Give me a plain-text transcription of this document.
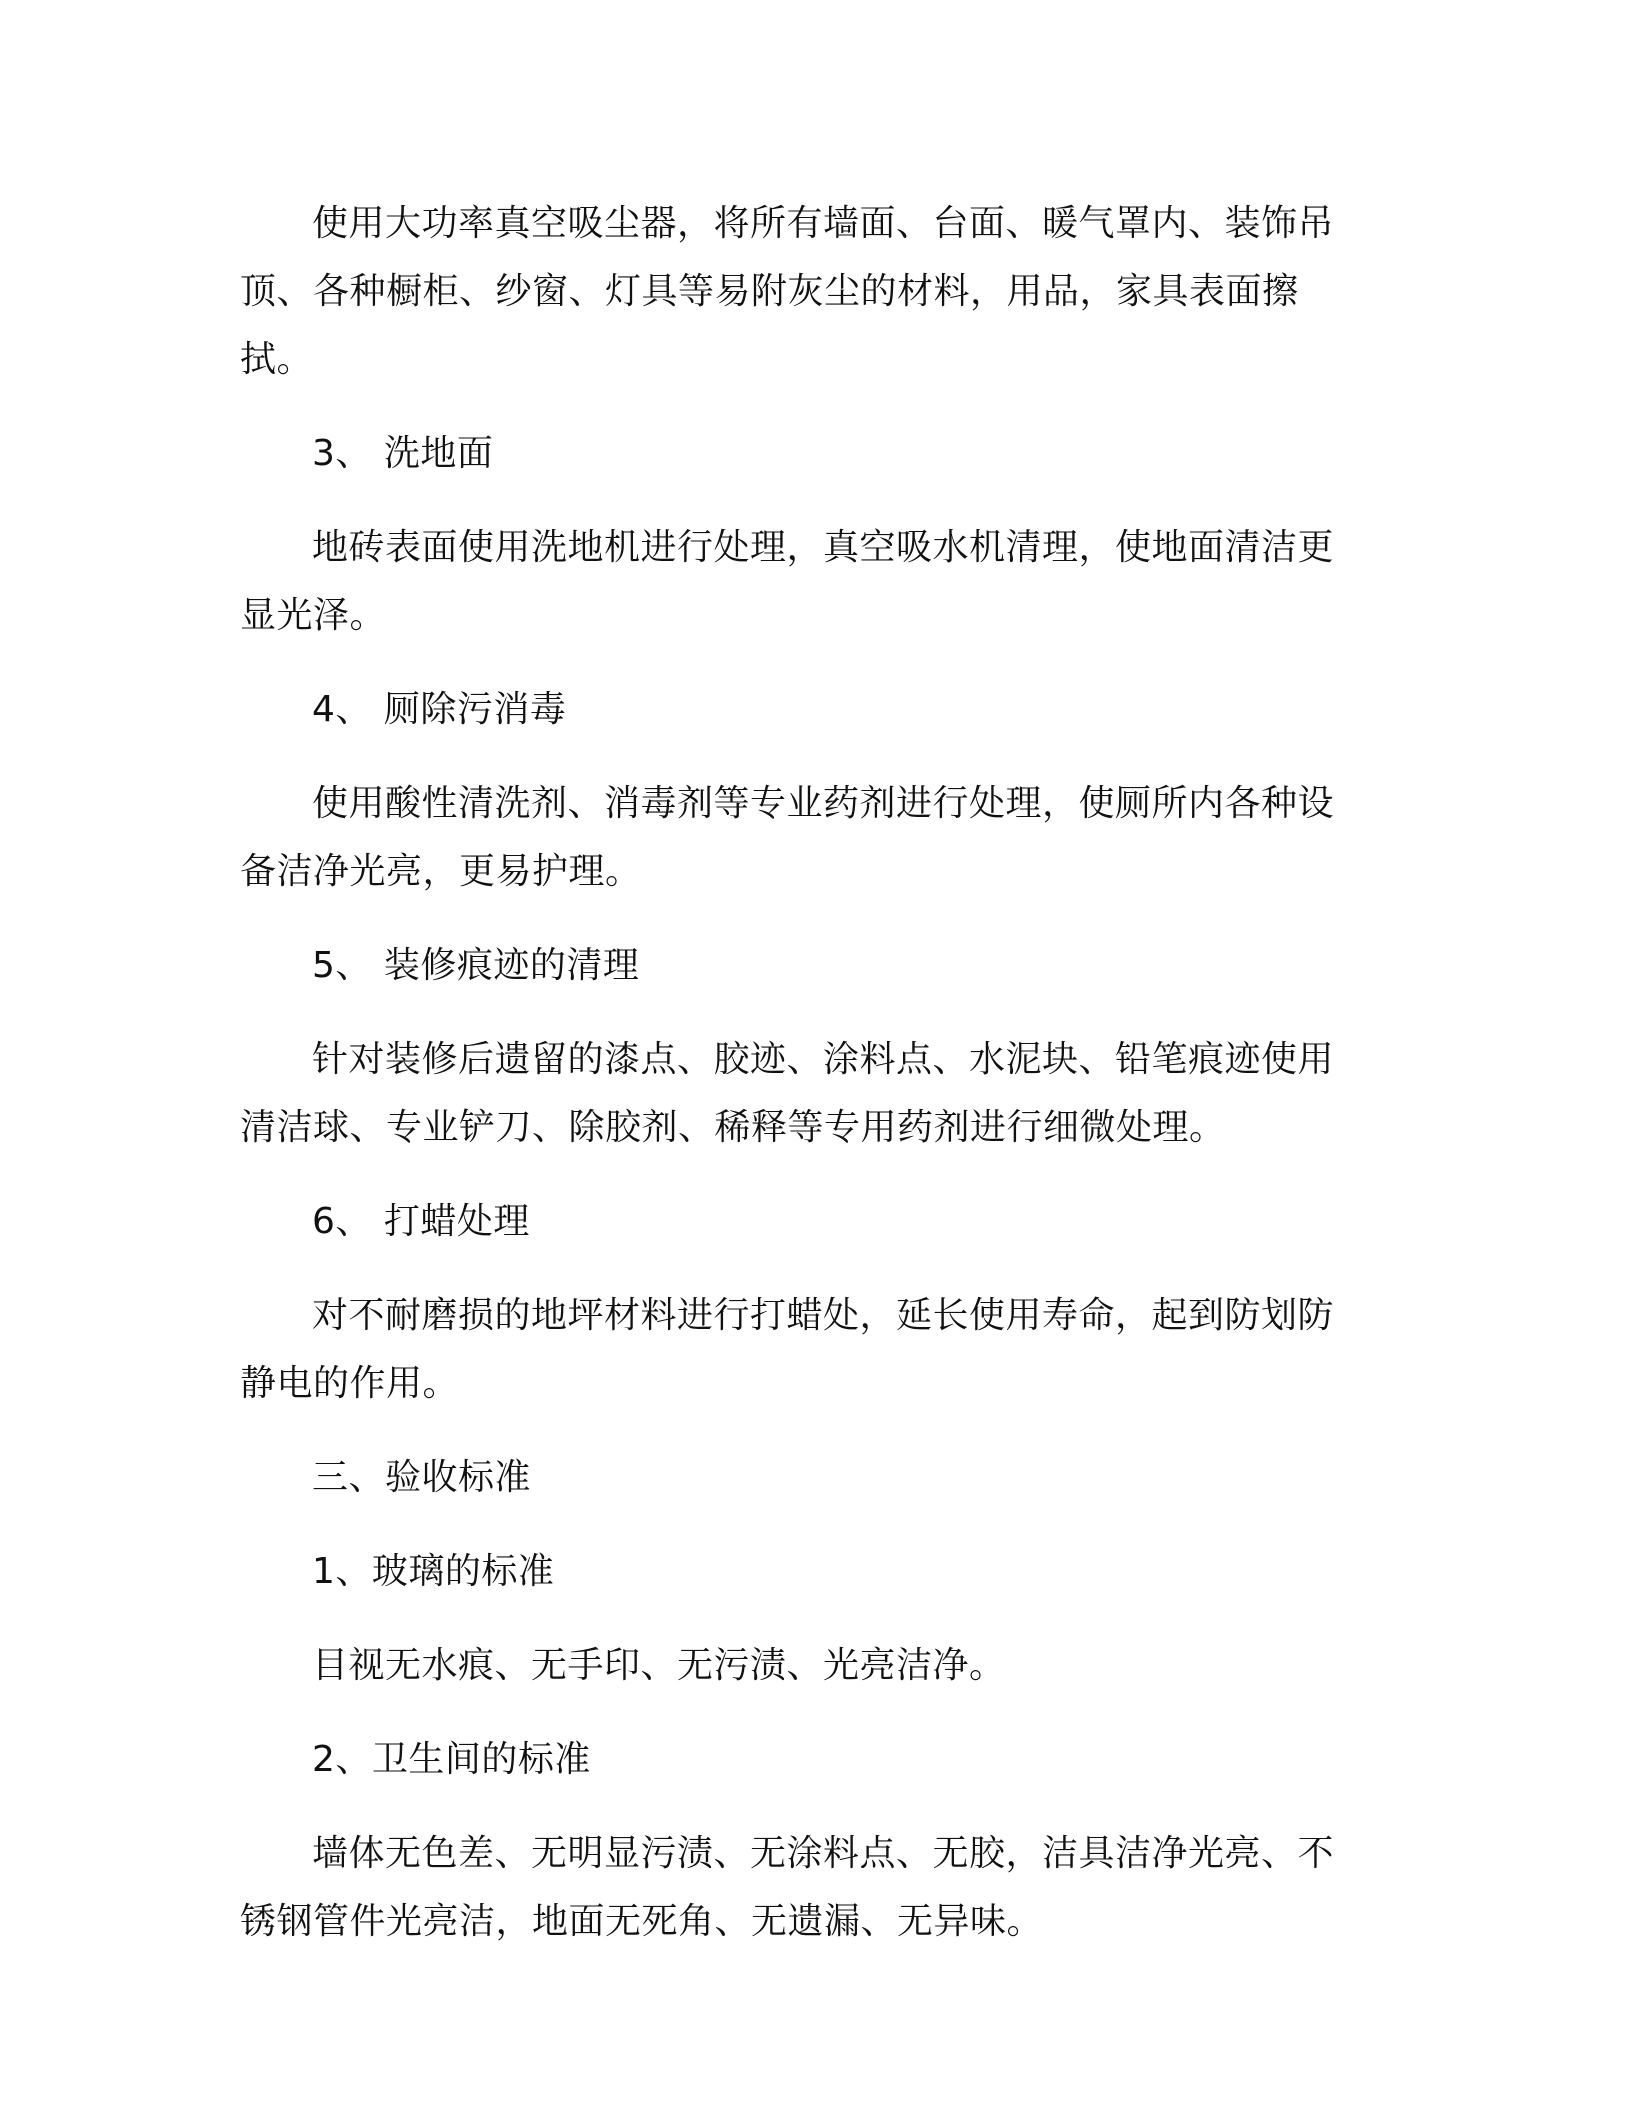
使用大功率真空吸尘器，将所有墙面、台面、暖气罩内、装饰吊顶、各种橱柜、纱窗、灯具等易附灰尘的材料，用品，家具表面擦拭。

3、 洗地面

地砖表面使用洗地机进行处理，真空吸水机清理，使地面清洁更显光泽。

4、 厕除污消毒

使用酸性清洗剂、消毒剂等专业药剂进行处理，使厕所内各种设备洁净光亮，更易护理。

5、 装修痕迹的清理

针对装修后遗留的漆点、胶迹、涂料点、水泥块、铅笔痕迹使用清洁球、专业铲刀、除胶剂、稀释等专用药剂进行细微处理。

6、 打蜡处理

对不耐磨损的地坪材料进行打蜡处，延长使用寿命，起到防划防静电的作用。

三、验收标准

1、玻璃的标准

目视无水痕、无手印、无污渍、光亮洁净。

2、卫生间的标准

墙体无色差、无明显污渍、无涂料点、无胶，洁具洁净光亮、不锈钢管件光亮洁，地面无死角、无遗漏、无异味。
